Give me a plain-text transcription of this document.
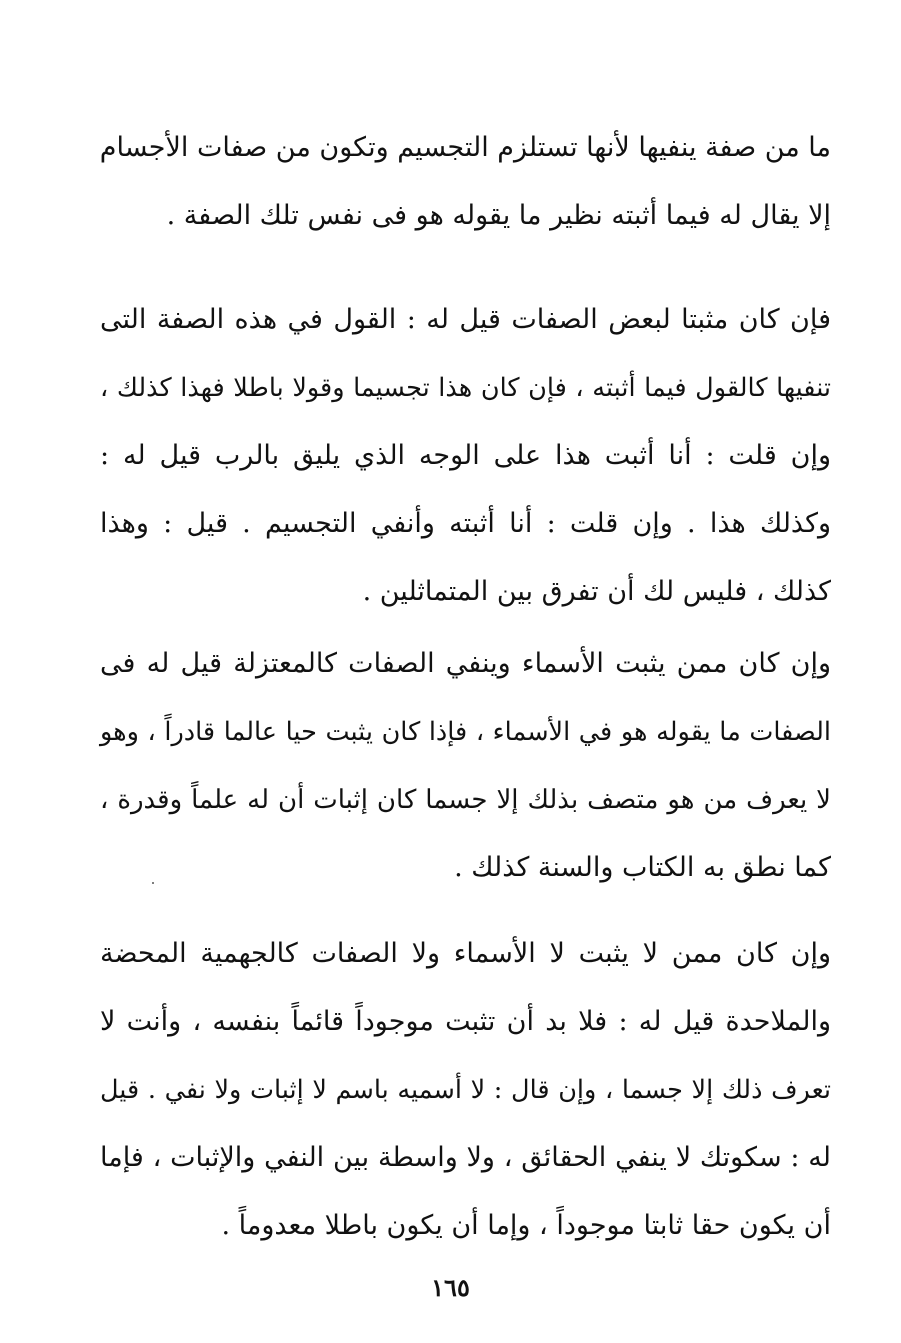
ما من صفة ينفيها لأنها تستلزم التجسيم وتكون من صفات الأجسام
إلا يقال له فيما أثبته نظير ما يقوله هو فى نفس تلك الصفة .
فإن كان مثبتا لبعض الصفات قيل له : القول في هذه الصفة التى
تنفيها كالقول فيما أثبته ، فإن كان هذا تجسيما وقولا باطلا فهذا كذلك ،
وإن قلت : أنا أثبت هذا على الوجه الذي يليق بالرب قيل له :
وكذلك هذا . وإن قلت : أنا أثبته وأنفي التجسيم . قيل : وهذا
كذلك ، فليس لك أن تفرق بين المتماثلين .
وإن كان ممن يثبت الأسماء وينفي الصفات كالمعتزلة قيل له فى
الصفات ما يقوله هو في الأسماء ، فإذا كان يثبت حيا عالما قادراً ، وهو
لا يعرف من هو متصف بذلك إلا جسما كان إثبات أن له علماً وقدرة ،
كما نطق به الكتاب والسنة كذلك .
وإن كان ممن لا يثبت لا الأسماء ولا الصفات كالجهمية المحضة
والملاحدة قيل له : فلا بد أن تثبت موجوداً قائماً بنفسه ، وأنت لا
تعرف ذلك إلا جسما ، وإن قال : لا أسميه باسم لا إثبات ولا نفي . قيل
له : سكوتك لا ينفي الحقائق ، ولا واسطة بين النفي والإثبات ، فإما
أن يكون حقا ثابتا موجوداً ، وإما أن يكون باطلا معدوماً .
١٦٥
